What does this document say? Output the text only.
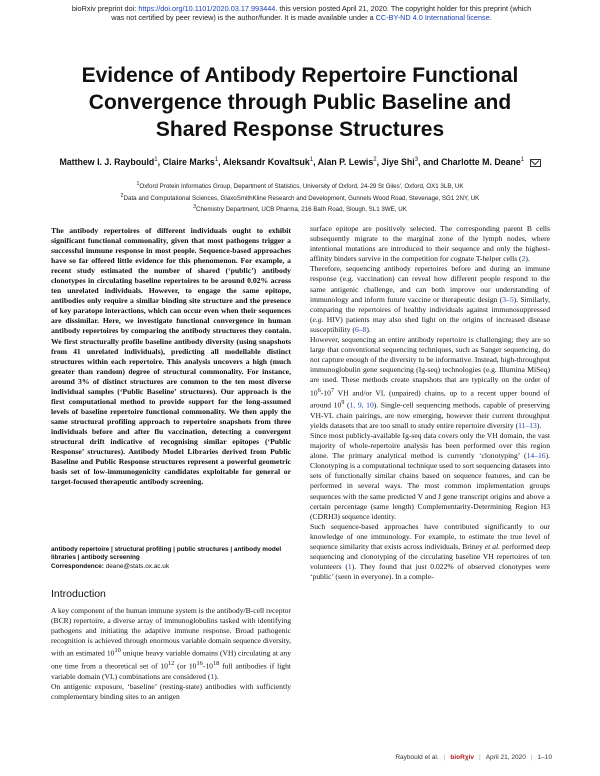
bioRxiv preprint doi: https://doi.org/10.1101/2020.03.17.993444. this version posted April 21, 2020. The copyright holder for this preprint (which
was not certified by peer review) is the author/funder. It is made available under a CC-BY-ND 4.0 International license.
Evidence of Antibody Repertoire Functional
Convergence through Public Baseline and
Shared Response Structures
Matthew I. J. Raybould$^1$, Claire Marks$^1$, Aleksandr Kovaltsuk$^1$, Alan P. Lewis$^2$, Jiye Shi$^3$, and Charlotte M. Deane$^1$
$^1$Oxford Protein Informatics Group, Department of Statistics, University of Oxford, 24-29 St Giles', Oxford, OX1 3LB, UK
$^2$Data and Computational Sciences, GlaxoSmithKline Research and Development, Gunnels Wood Road, Stevenage, SG1 2NY, UK
$^3$Chemistry Department, UCB Pharma, 216 Bath Road, Slough, SL1 3WE, UK
The antibody repertoires of different individuals ought to exhibit significant functional commonality, given that most pathogens trigger a successful immune response in most people. Sequence-based approaches have so far offered little evidence for this phenomenon. For example, a recent study estimated the number of shared (‘public’) antibody clonotypes in circulating baseline repertoires to be around 0.02% across ten unrelated individuals. However, to engage the same epitope, antibodies only require a similar binding site structure and the presence of key paratope interactions, which can occur even when their sequences are dissimilar. Here, we investigate functional convergence in human antibody repertoires by comparing the antibody structures they contain. We first structurally profile baseline antibody diversity (using snapshots from 41 unrelated individuals), predicting all modellable distinct structures within each repertoire. This analysis uncovers a high (much greater than random) degree of structural commonality. For instance, around 3% of distinct structures are common to the ten most diverse individual samples (‘Public Baseline’ structures). Our approach is the first computational method to provide support for the long-assumed levels of baseline repertoire functional commonality. We then apply the same structural profiling approach to repertoire snapshots from three individuals before and after flu vaccination, detecting a convergent structural drift indicative of recognising similar epitopes (‘Public Response’ structures). Antibody Model Libraries derived from Public Baseline and Public Response structures represent a powerful geometric basis set of low-immunogenicity candidates exploitable for general or target-focused therapeutic antibody screening.
antibody repertoire | structural profiling | public structures | antibody model libraries | antibody screening
Correspondence: deane@stats.ox.ac.uk
Introduction

A key component of the human immune system is the antibody/B-cell receptor (BCR) repertoire, a diverse array of immunoglobulins tasked with identifying pathogens and initiating the adaptive immune response. Broad pathogenic recognition is achieved through enormous variable domain sequence diversity, with an estimated $10^{10}$ unique heavy variable domains (VH) circulating at any one time from a theoretical set of $10^{12}$ (or $10^{16}-10^{18}$ full antibodies if light variable domain (VL) combinations are considered (1).

On antigenic exposure, ‘baseline’ (resting-state) antibodies with sufficiently complementary binding sites to an antigen

surface epitope are positively selected. The corresponding parent B cells subsequently migrate to the marginal zone of the lymph nodes, where intentional mutations are introduced to their sequence and only the highest-affinity binders survive in the competition for cognate T-helper cells (2).

Therefore, sequencing antibody repertoires before and during an immune response (e.g. vaccination) can reveal how different people respond to the same antigenic challenge, and can both improve our understanding of immunology and inform future vaccine or therapeutic design (3–5). Similarly, comparing the repertoires of healthy individuals against immunosuppressed (e.g. HIV) patients may also shed light on the origins of increased disease susceptibility (6–8).

However, sequencing an entire antibody repertoire is challenging; they are so large that conventional sequencing techniques, such as Sanger sequencing, do not capture enough of the diversity to be informative. Instead, high-throughput immunoglobulin gene sequencing (Ig-seq) technologies (e.g. Illumina MiSeq) are used. These methods create snapshots that are typically on the order of $10^6-10^7$ VH and/or VL (unpaired) chains, up to a recent upper bound of around $10^9$ (1, 9, 10). Single-cell sequencing methods, capable of preserving VH-VL chain pairings, are now emerging, however their current throughput yields datasets that are too small to study entire repertoire diversity (11–13).

Since most publicly-available Ig-seq data covers only the VH domain, the vast majority of whole-repertoire analysis has been performed over this region alone. The primary analytical method is currently ‘clonotyping’ (14–16). Clonotyping is a computational technique used to sort sequencing datasets into sets of functionally similar chains based on sequence features, and can be performed in several ways. The most common implementation groups sequences with the same predicted V and J gene transcript origins and above a certain percentage (same length) Complementarity-Determining Region H3 (CDRH3) sequence identity.

Such sequence-based approaches have contributed significantly to our knowledge of one immunology. For example, to estimate the true level of sequence similarity that exists across individuals, Briney et al. performed deep sequencing and clonotyping of the circulating baseline VH repertoires of ten volunteers (1). They found that just 0.022% of observed clonotypes were ‘public’ (seen in everyone). In a comple-

Raybould et al. | bioRχiv | April 21, 2020 | 1–10
